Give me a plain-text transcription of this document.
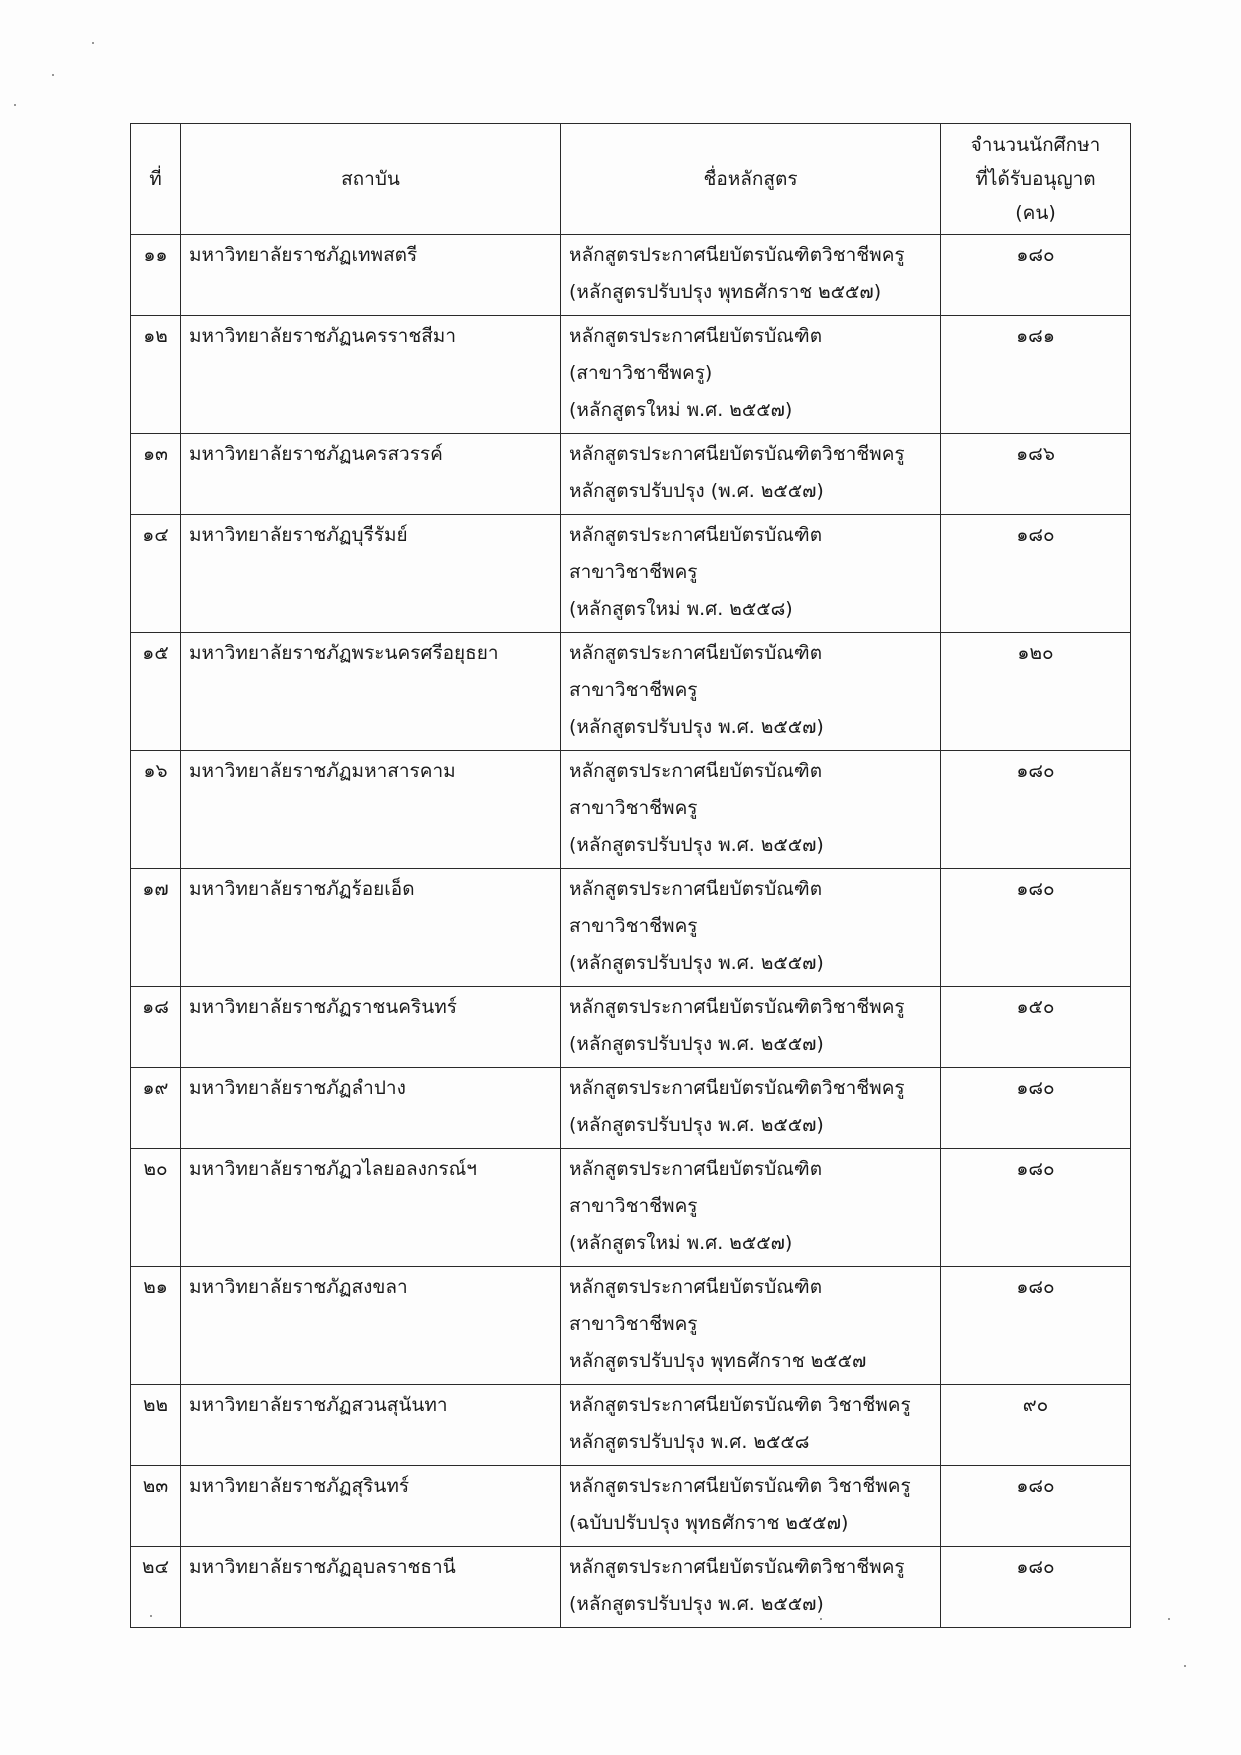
ที่	สถาบัน	ชื่อหลักสูตร	จำนวนนักศึกษา
ที่ได้รับอนุญาต
(คน)

๑๑	มหาวิทยาลัยราชภัฏเทพสตรี	หลักสูตรประกาศนียบัตรบัณฑิตวิชาชีพครู
(หลักสูตรปรับปรุง พุทธศักราช ๒๕๕๗)	๑๘๐
๑๒	มหาวิทยาลัยราชภัฏนครราชสีมา	หลักสูตรประกาศนียบัตรบัณฑิต
(สาขาวิชาชีพครู)
(หลักสูตรใหม่ พ.ศ. ๒๕๕๗)	๑๘๑
๑๓	มหาวิทยาลัยราชภัฏนครสวรรค์	หลักสูตรประกาศนียบัตรบัณฑิตวิชาชีพครู
หลักสูตรปรับปรุง (พ.ศ. ๒๕๕๗)	๑๘๖
๑๔	มหาวิทยาลัยราชภัฏบุรีรัมย์	หลักสูตรประกาศนียบัตรบัณฑิต
สาขาวิชาชีพครู
(หลักสูตรใหม่ พ.ศ. ๒๕๕๘)	๑๘๐
๑๕	มหาวิทยาลัยราชภัฏพระนครศรีอยุธยา	หลักสูตรประกาศนียบัตรบัณฑิต
สาขาวิชาชีพครู
(หลักสูตรปรับปรุง พ.ศ. ๒๕๕๗)	๑๒๐
๑๖	มหาวิทยาลัยราชภัฏมหาสารคาม	หลักสูตรประกาศนียบัตรบัณฑิต
สาขาวิชาชีพครู
(หลักสูตรปรับปรุง พ.ศ. ๒๕๕๗)	๑๘๐
๑๗	มหาวิทยาลัยราชภัฏร้อยเอ็ด	หลักสูตรประกาศนียบัตรบัณฑิต
สาขาวิชาชีพครู
(หลักสูตรปรับปรุง พ.ศ. ๒๕๕๗)	๑๘๐
๑๘	มหาวิทยาลัยราชภัฏราชนครินทร์	หลักสูตรประกาศนียบัตรบัณฑิตวิชาชีพครู
(หลักสูตรปรับปรุง พ.ศ. ๒๕๕๗)	๑๕๐
๑๙	มหาวิทยาลัยราชภัฏลำปาง	หลักสูตรประกาศนียบัตรบัณฑิตวิชาชีพครู
(หลักสูตรปรับปรุง พ.ศ. ๒๕๕๗)	๑๘๐
๒๐	มหาวิทยาลัยราชภัฏวไลยอลงกรณ์ฯ	หลักสูตรประกาศนียบัตรบัณฑิต
สาขาวิชาชีพครู
(หลักสูตรใหม่ พ.ศ. ๒๕๕๗)	๑๘๐
๒๑	มหาวิทยาลัยราชภัฏสงขลา	หลักสูตรประกาศนียบัตรบัณฑิต
สาขาวิชาชีพครู
หลักสูตรปรับปรุง พุทธศักราช ๒๕๕๗	๑๘๐
๒๒	มหาวิทยาลัยราชภัฏสวนสุนันทา	หลักสูตรประกาศนียบัตรบัณฑิต วิชาชีพครู
หลักสูตรปรับปรุง พ.ศ. ๒๕๕๘	๙๐
๒๓	มหาวิทยาลัยราชภัฏสุรินทร์	หลักสูตรประกาศนียบัตรบัณฑิต วิชาชีพครู
(ฉบับปรับปรุง พุทธศักราช ๒๕๕๗)	๑๘๐
๒๔	มหาวิทยาลัยราชภัฏอุบลราชธานี	หลักสูตรประกาศนียบัตรบัณฑิตวิชาชีพครู
(หลักสูตรปรับปรุง พ.ศ. ๒๕๕๗)	๑๘๐
